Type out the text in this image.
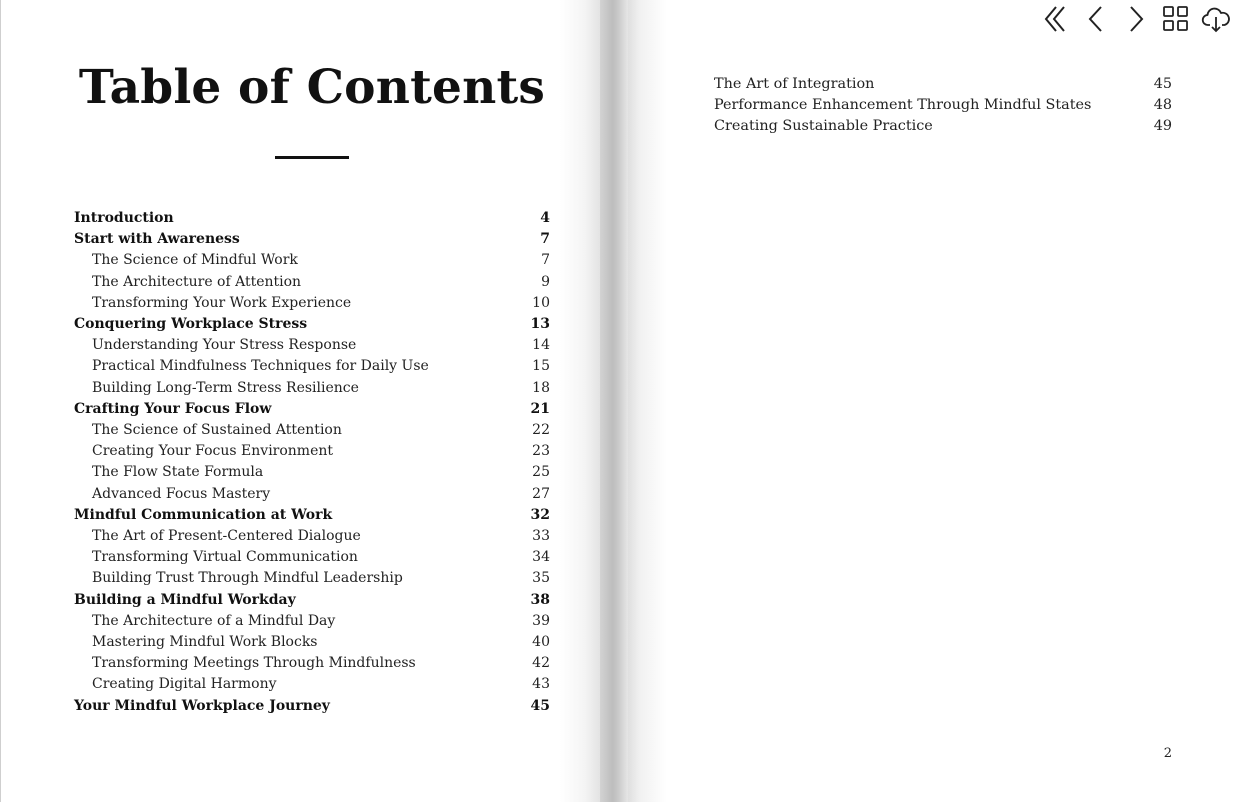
Table of Contents
Introduction	4
Start with Awareness	7
The Science of Mindful Work	7
The Architecture of Attention	9
Transforming Your Work Experience	10
Conquering Workplace Stress	13
Understanding Your Stress Response	14
Practical Mindfulness Techniques for Daily Use	15
Building Long-Term Stress Resilience	18
Crafting Your Focus Flow	21
The Science of Sustained Attention	22
Creating Your Focus Environment	23
The Flow State Formula	25
Advanced Focus Mastery	27
Mindful Communication at Work	32
The Art of Present-Centered Dialogue	33
Transforming Virtual Communication	34
Building Trust Through Mindful Leadership	35
Building a Mindful Workday	38
The Architecture of a Mindful Day	39
Mastering Mindful Work Blocks	40
Transforming Meetings Through Mindfulness	42
Creating Digital Harmony	43
Your Mindful Workplace Journey	45
The Art of Integration	45
Performance Enhancement Through Mindful States	48
Creating Sustainable Practice	49
2
